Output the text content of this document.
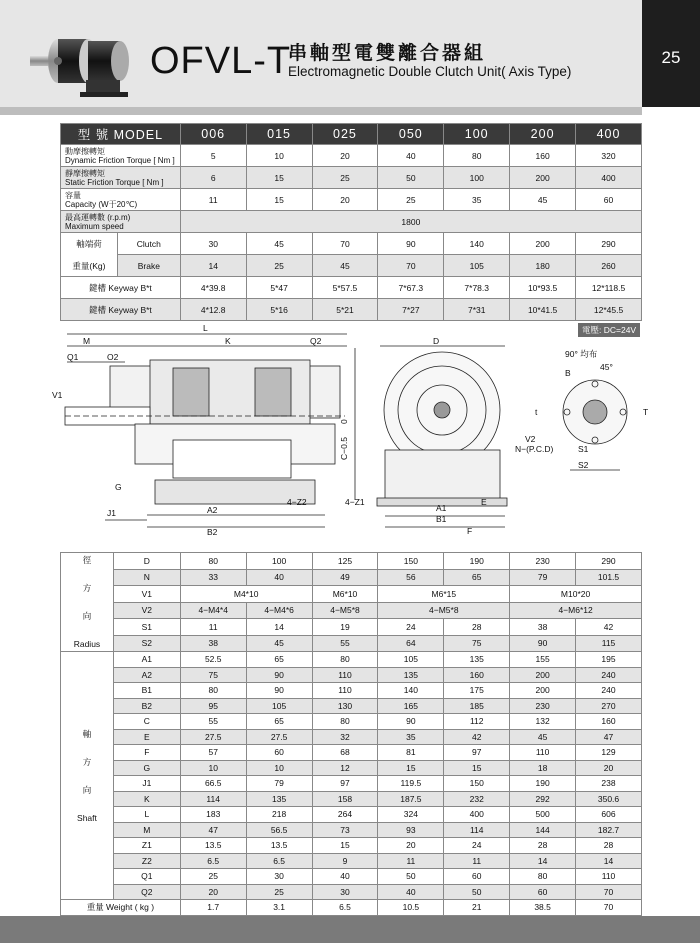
25
OFVL-T
串軸型電雙離合器組
Electromagnetic Double Clutch Unit( Axis Type)
型 號 MODEL		006	015	025	050	100	200	400
動摩擦轉矩
Dynamic Friction Torque [ Nm ]		5	10	20	40	80	160	320
靜摩擦轉矩
Static Friction Torque [ Nm ]		6	15	25	50	100	200	400
容量
Capacity (W于20℃)		11	15	20	25	35	45	60
最高運轉數 (r.p.m)
Maximum speed		1800						
軸端荷

重量(Kg)	Clutch	30	45	70	90	140	200	290
	Brake	14	25	45	70	105	180	260
鍵槽 Keyway B*t		4*39.8	5*47	5*57.5	7*67.3	7*78.3	10*93.5	12*118.5
鍵槽 Keyway B*t		4*12.8	5*16	5*21	7*27	7*31	10*41.5	12*45.5
電壓: DC=24V
L
M	K	Q2
Q1	O2
V1
G
J1	A2
B2
4−Z2	4−Z1
D
C−0.5
0
A1
B1
E
F
90° 均布
B
45°
t	T
V2
N−(P.C.D)	S1
S2
徑

方

向

Radius	D	80	100	125	150	190	230	290
	N	33	40	49	56	65	79	101.5
	V1	M4*10		M6*10	M6*15		M10*20	
	V2	4−M4*4	4−M4*6	4−M5*8	4−M5*8		4−M6*12	
	S1	11	14	19	24	28	38	42
	S2	38	45	55	64	75	90	115
軸

方

向

Shaft	A1	52.5	65	80	105	135	155	195
	A2	75	90	110	135	160	200	240
	B1	80	90	110	140	175	200	240
	B2	95	105	130	165	185	230	270
	C	55	65	80	90	112	132	160
	E	27.5	27.5	32	35	42	45	47
	F	57	60	68	81	97	110	129
	G	10	10	12	15	15	18	20
	J1	66.5	79	97	119.5	150	190	238
	K	114	135	158	187.5	232	292	350.6
	L	183	218	264	324	400	500	606
	M	47	56.5	73	93	114	144	182.7
	Z1	13.5	13.5	15	20	24	28	28
	Z2	6.5	6.5	9	11	11	14	14
	Q1	25	30	40	50	60	80	110
	Q2	20	25	30	40	50	60	70
重量 Weight ( kg )		1.7	3.1	6.5	10.5	21	38.5	70
